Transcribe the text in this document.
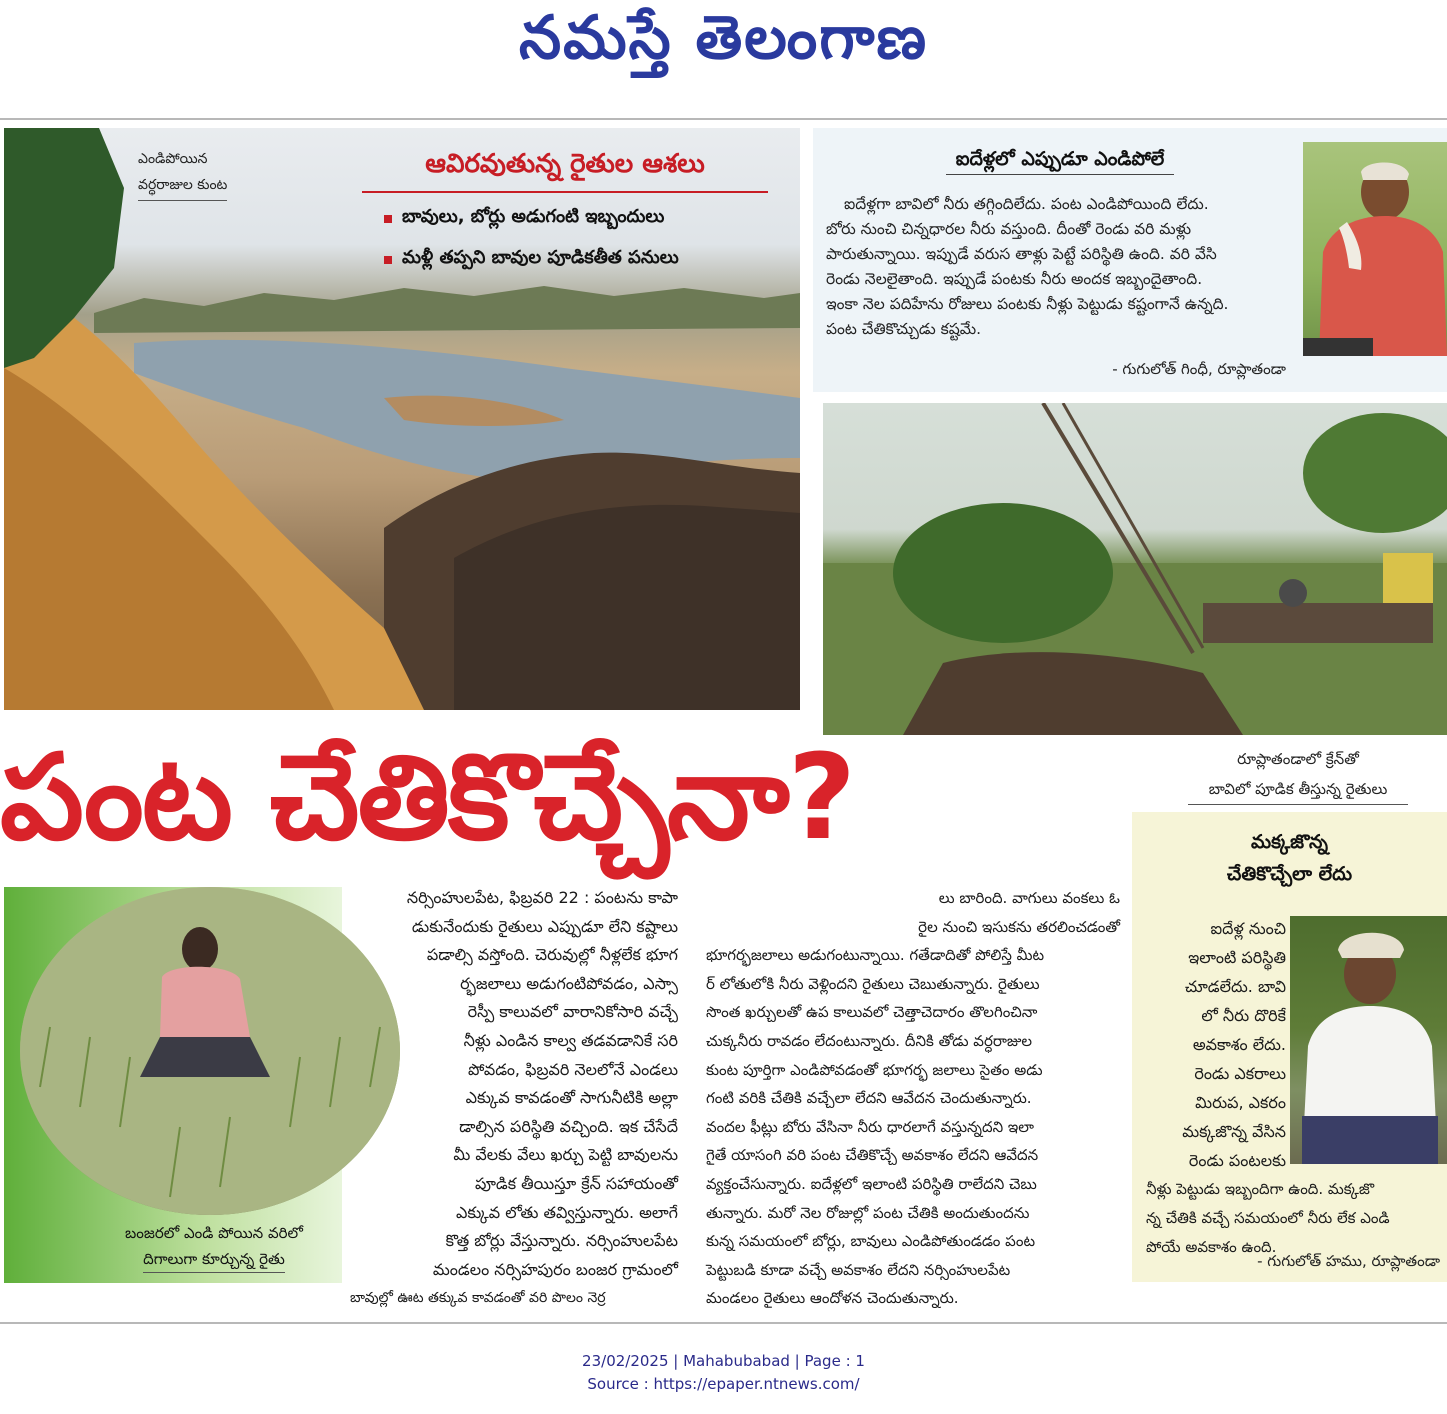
నమస్తే తెలంగాణ
ఎండిపోయిన
వర్ధరాజుల కుంట
ఆవిరవుతున్న రైతుల ఆశలు
బావులు, బోర్లు అడుగంటి ఇబ్బందులు
మళ్లీ తప్పని బావుల పూడికతీత పనులు
ఐదేళ్లలో ఎప్పుడూ ఎండిపోలే
ఐదేళ్లగా బావిలో నీరు తగ్గిందిలేదు. పంట ఎండిపోయింది లేదు.
బోరు నుంచి చిన్నధారల నీరు వస్తుంది. దీంతో రెండు వరి మళ్లు
పారుతున్నాయి. ఇప్పుడే వరుస తాళ్లు పెట్టే పరిస్థితి ఉంది. వరి వేసి
రెండు నెలలైతాంది. ఇప్పుడే పంటకు నీరు అందక ఇబ్బందైతాంది.
ఇంకా నెల పదిహేను రోజులు పంటకు నీళ్లు పెట్టుడు కష్టంగానే ఉన్నది.
పంట చేతికొచ్చుడు కష్టమే.
- గుగులోత్ గింధీ, రూప్లాతండా
రూప్లాతండాలో క్రేన్‌తో
బావిలో పూడిక తీస్తున్న రైతులు
పంట చేతికొచ్చేనా?
బంజరలో ఎండి పోయిన వరిలో
దిగాలుగా కూర్చున్న రైతు
నర్సింహులపేట, ఫిబ్రవరి 22 : పంటను కాపా
డుకునేందుకు రైతులు ఎప్పుడూ లేని కష్టాలు
పడాల్సి వస్తోంది. చెరువుల్లో నీళ్లలేక భూగ
ర్భజలాలు అడుగంటిపోవడం, ఎస్సా
రెస్పీ కాలువలో వారానికోసారి వచ్చే
నీళ్లు ఎండిన కాల్వ తడవడానికే సరి
పోవడం, ఫిబ్రవరి నెలలోనే ఎండలు
ఎక్కువ కావడంతో సాగునీటికి అల్లా
డాల్సిన పరిస్థితి వచ్చింది. ఇక చేసేదే
మీ వేలకు వేలు ఖర్చు పెట్టి బావులను
పూడిక తీయిస్తూ క్రేన్ సహాయంతో
ఎక్కువ లోతు తవ్విస్తున్నారు. అలాగే
కొత్త బోర్లు వేస్తున్నారు. నర్సింహులపేట
మండలం నర్సిహపురం బంజర గ్రామంలో
బావుల్లో ఊట తక్కువ కావడంతో వరి పొలం నెర్ర
లు బారింది. వాగులు వంకలు ఓ
రైల నుంచి ఇసుకను తరలించడంతో
భూగర్భజలాలు అడుగంటున్నాయి. గతేడాదితో పోలిస్తే మీట
ర్ లోతులోకి నీరు వెళ్లిందని రైతులు చెబుతున్నారు. రైతులు
సొంత ఖర్చులతో ఉప కాలువలో చెత్తాచెదారం తొలగించినా
చుక్కనీరు రావడం లేదంటున్నారు. దీనికి తోడు వర్ధరాజుల
కుంట పూర్తిగా ఎండిపోవడంతో భూగర్భ జలాలు సైతం అడు
గంటి వరికి చేతికి వచ్చేలా లేదని ఆవేదన చెందుతున్నారు.
వందల ఫీట్లు బోరు వేసినా నీరు ధారలాగే వస్తున్నదని ఇలా
గైతే యాసంగి వరి పంట చేతికొచ్చే అవకాశం లేదని ఆవేదన
వ్యక్తంచేసున్నారు. ఐదేళ్లలో ఇలాంటి పరిస్థితి రాలేదని చెబు
తున్నారు. మరో నెల రోజుల్లో పంట చేతికి అందుతుందను
కున్న సమయంలో బోర్లు, బావులు ఎండిపోతుండడం పంట
పెట్టుబడి కూడా వచ్చే అవకాశం లేదని నర్సింహులపేట
మండలం రైతులు ఆందోళన చెందుతున్నారు.
మక్కజొన్న
చేతికొచ్చేలా లేదు
ఐదేళ్ల నుంచి
ఇలాంటి పరిస్థితి
చూడలేదు. బావి
లో నీరు దొరికే
అవకాశం లేదు.
రెండు ఎకరాలు
మిరుప, ఎకరం
మక్కజొన్న వేసిన
రెండు పంటలకు
నీళ్లు పెట్టుడు ఇబ్బందిగా ఉంది. మక్కజొ
న్న చేతికి వచ్చే సమయంలో నీరు లేక ఎండి
పోయే అవకాశం ఉంది.
- గుగులోత్ హము, రూప్లాతండా
23/02/2025 | Mahabubabad | Page : 1
Source : https://epaper.ntnews.com/
